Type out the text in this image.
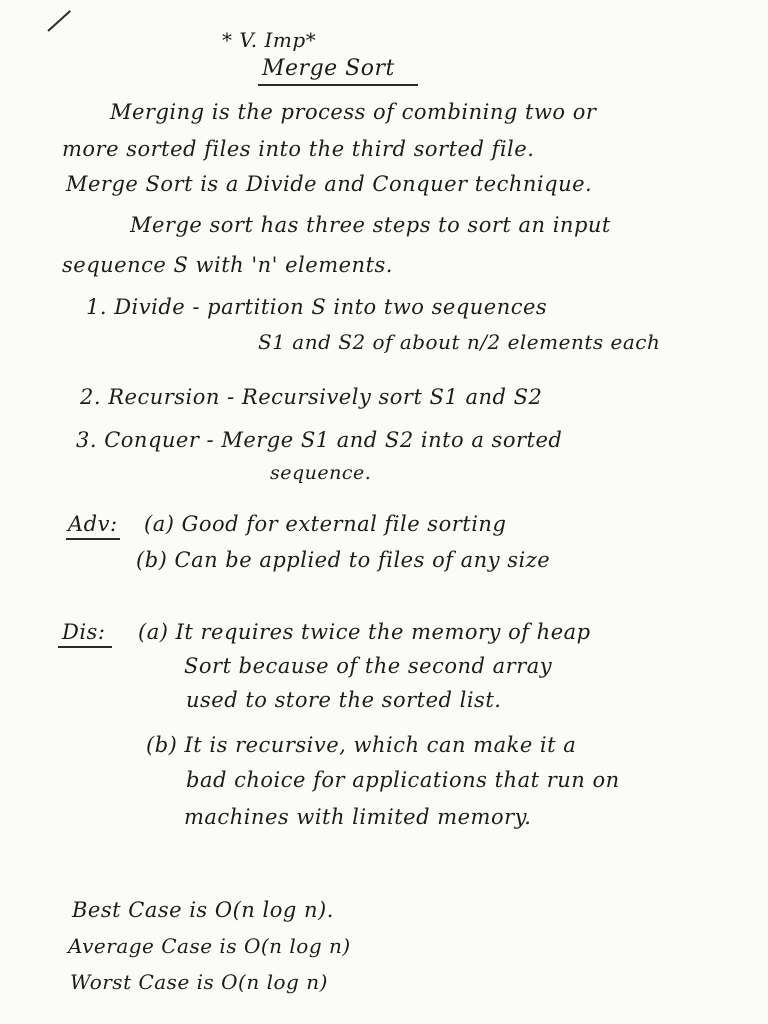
* V. Imp*
Merge Sort
Merging is the process of combining two or
more sorted files into the third sorted file.
Merge Sort is a Divide and Conquer technique.
Merge sort has three steps to sort an input
sequence S with 'n' elements.
1. Divide - partition S into two sequences
S1 and S2 of about n/2 elements each
2. Recursion - Recursively sort S1 and S2
3. Conquer - Merge S1 and S2 into a sorted
sequence.
Adv: (a) Good for external file sorting
(b) Can be applied to files of any size
Dis: (a) It requires twice the memory of heap
Sort because of the second array
used to store the sorted list.
(b) It is recursive, which can make it a
bad choice for applications that run on
machines with limited memory.
Best Case is O(n log n).
Average Case is O(n log n)
Worst Case is O(n log n)
